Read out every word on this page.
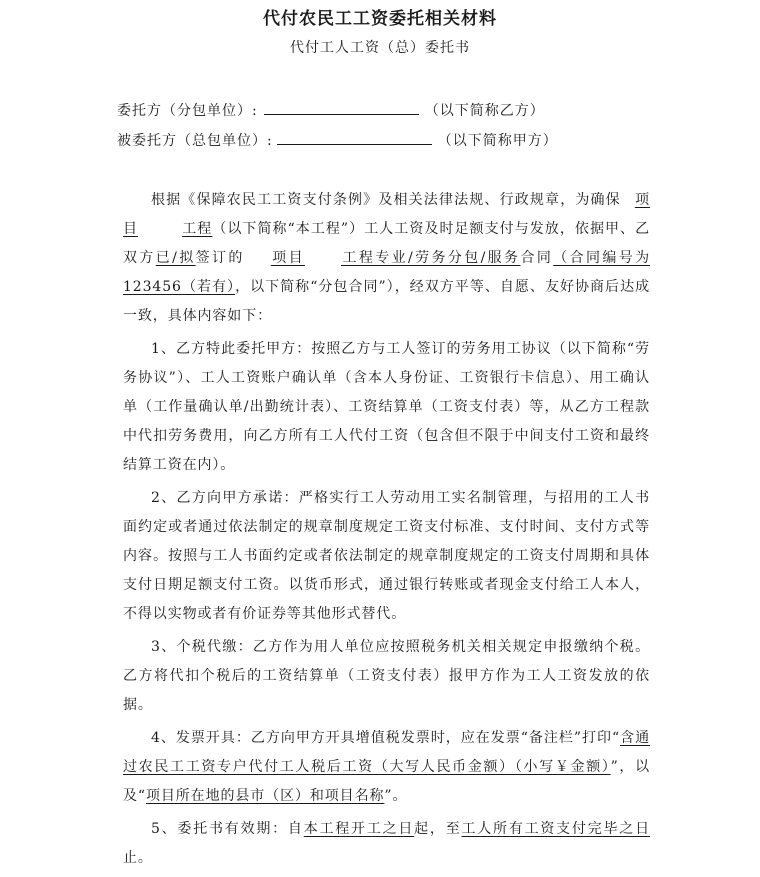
代付农民工工资委托相关材料
代付工人工资（总）委托书
委托方（分包单位）:	（以下简称乙方）
被委托方（总包单位）:	（以下简称甲方）

根据《保障农民工工资支付条例》及相关法律法规、行政规章，为确保 项目	工程（以下简称“本工程”）工人工资及时足额支付与发放，依据甲、乙双方已/拟签订的 项目	工程专业/劳务分包/服务合同（合同编号为123456（若有），以下简称“分包合同”），经双方平等、自愿、友好协商后达成一致，具体内容如下：

1、乙方特此委托甲方：按照乙方与工人签订的劳务用工协议（以下简称“劳务协议”）、工人工资账户确认单（含本人身份证、工资银行卡信息）、用工确认单（工作量确认单/出勤统计表）、工资结算单（工资支付表）等，从乙方工程款中代扣劳务费用，向乙方所有工人代付工资（包含但不限于中间支付工资和最终结算工资在内）。

2、乙方向甲方承诺：严格实行工人劳动用工实名制管理，与招用的工人书面约定或者通过依法制定的规章制度规定工资支付标准、支付时间、支付方式等内容。按照与工人书面约定或者依法制定的规章制度规定的工资支付周期和具体支付日期足额支付工资。以货币形式，通过银行转账或者现金支付给工人本人，不得以实物或者有价证券等其他形式替代。

3、个税代缴：乙方作为用人单位应按照税务机关相关规定申报缴纳个税。乙方将代扣个税后的工资结算单（工资支付表）报甲方作为工人工资发放的依据。

4、发票开具：乙方向甲方开具增值税发票时，应在发票“备注栏”打印“含通过农民工工资专户代付工人税后工资（大写人民币金额）（小写￥金额）”，以及“项目所在地的县市（区）和项目名称”。

5、委托书有效期：自本工程开工之日起，至工人所有工资支付完毕之日止。
